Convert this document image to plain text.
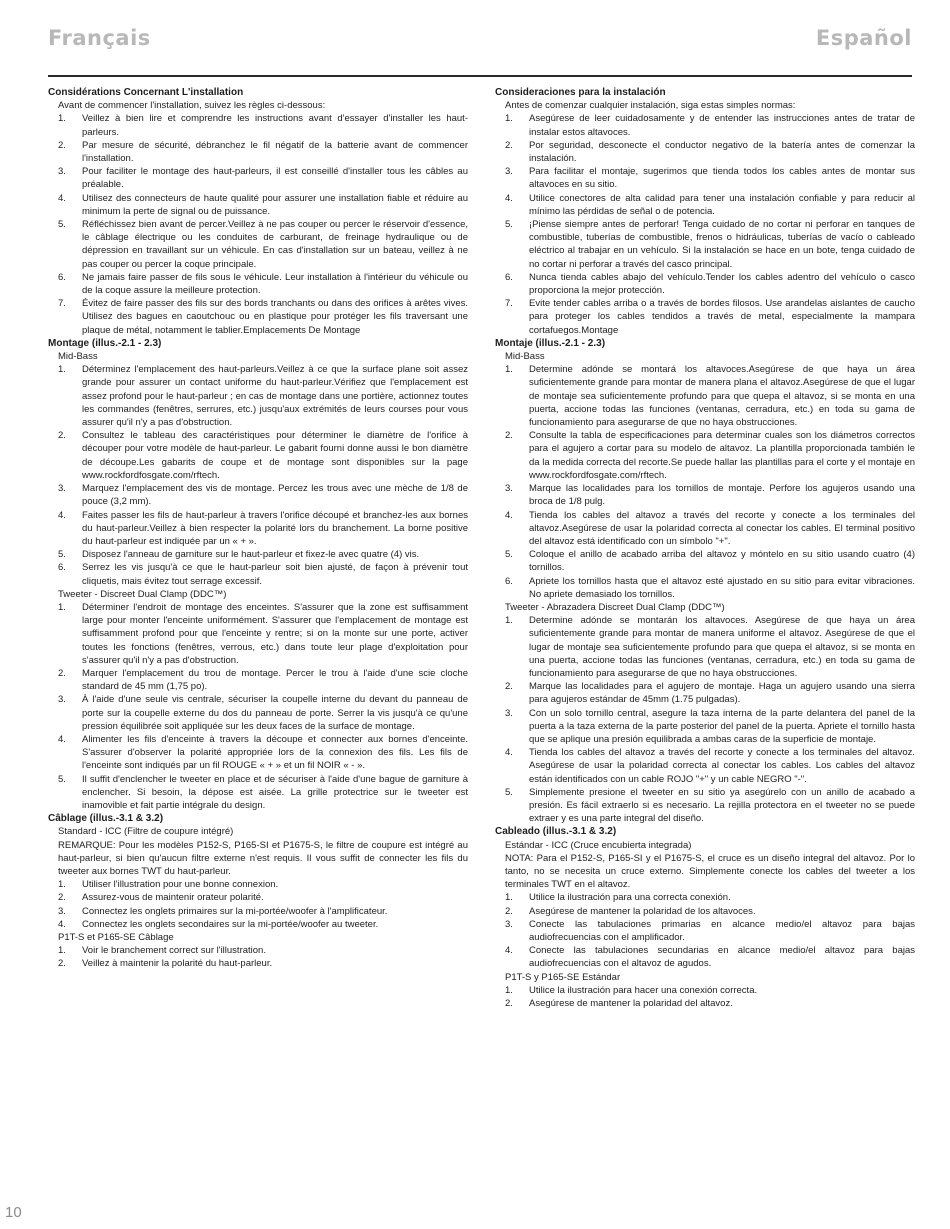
Français	Español
Considérations Concernant L'installation
Avant de commencer l'installation, suivez les règles ci-dessous:
1. Veillez à bien lire et comprendre les instructions avant d'essayer d'installer les haut-parleurs.
2. Par mesure de sécurité, débranchez le fil négatif de la batterie avant de commencer l'installation.
3. Pour faciliter le montage des haut-parleurs, il est conseillé d'installer tous les câbles au préalable.
4. Utilisez des connecteurs de haute qualité pour assurer une installation fiable et réduire au minimum la perte de signal ou de puissance.
5. Réfléchissez bien avant de percer.Veillez à ne pas couper ou percer le réservoir d'essence, le câblage électrique ou les conduites de carburant, de freinage hydraulique ou de dépression en travaillant sur un véhicule. En cas d'installation sur un bateau, veillez à ne pas couper ou percer la coque principale.
6. Ne jamais faire passer de fils sous le véhicule. Leur installation à l'intérieur du véhicule ou de la coque assure la meilleure protection.
7. Évitez de faire passer des fils sur des bords tranchants ou dans des orifices à arêtes vives. Utilisez des bagues en caoutchouc ou en plastique pour protéger les fils traversant une plaque de métal, notamment le tablier.Emplacements De Montage
Montage (illus.-2.1 - 2.3)
Mid-Bass
1. Déterminez l'emplacement des haut-parleurs.Veillez à ce que la surface plane soit assez grande pour assurer un contact uniforme du haut-parleur.Vérifiez que l'emplacement est assez profond pour le haut-parleur ; en cas de montage dans une portière, actionnez toutes les commandes (fenêtres, serrures, etc.) jusqu'aux extrémités de leurs courses pour vous assurer qu'il n'y a pas d'obstruction.
2. Consultez le tableau des caractéristiques pour déterminer le diamètre de l'orifice à découper pour votre modèle de haut-parleur. Le gabarit fourni donne aussi le bon diamètre de découpe.Les gabarits de coupe et de montage sont disponibles sur la page www.rockfordfosgate.com/rftech.
3. Marquez l'emplacement des vis de montage. Percez les trous avec une mèche de 1/8 de pouce (3,2 mm).
4. Faites passer les fils de haut-parleur à travers l'orifice découpé et branchez-les aux bornes du haut-parleur.Veillez à bien respecter la polarité lors du branchement. La borne positive du haut-parleur est indiquée par un « + ».
5. Disposez l'anneau de garniture sur le haut-parleur et fixez-le avec quatre (4) vis.
6. Serrez les vis jusqu'à ce que le haut-parleur soit bien ajusté, de façon à prévenir tout cliquetis, mais évitez tout serrage excessif.
Tweeter - Discreet Dual Clamp (DDC™)
1. Déterminer l'endroit de montage des enceintes. S'assurer que la zone est suffisamment large pour monter l'enceinte uniformément. S'assurer que l'emplacement de montage est suffisamment profond pour que l'enceinte y rentre; si on la monte sur une porte, activer toutes les fonctions (fenêtres, verrous, etc.) dans toute leur plage d'exploitation pour s'assurer qu'il n'y a pas d'obstruction.
2. Marquer l'emplacement du trou de montage. Percer le trou à l'aide d'une scie cloche standard de 45 mm (1,75 po).
3. À l'aide d'une seule vis centrale, sécuriser la coupelle interne du devant du panneau de porte sur la coupelle externe du dos du panneau de porte. Serrer la vis jusqu'à ce qu'une pression équilibrée soit appliquée sur les deux faces de la surface de montage.
4. Alimenter les fils d'enceinte à travers la découpe et connecter aux bornes d'enceinte. S'assurer d'observer la polarité appropriée lors de la connexion des fils. Les fils de l'enceinte sont indiqués par un fil ROUGE « + » et un fil NOIR « - ».
5. Il suffit d'enclencher le tweeter en place et de sécuriser à l'aide d'une bague de garniture à enclencher. Si besoin, la dépose est aisée. La grille protectrice sur le tweeter est inamovible et fait partie intégrale du design.
Câblage (illus.-3.1 & 3.2)
Standard - ICC (Filtre de coupure intégré)
REMARQUE: Pour les modèles P152-S, P165-SI et P1675-S, le filtre de coupure est intégré au haut-parleur, si bien qu'aucun filtre externe n'est requis. Il vous suffit de connecter les fils du tweeter aux bornes TWT du haut-parleur.
1. Utiliser l'illustration pour une bonne connexion.
2. Assurez-vous de maintenir orateur polarité.
3. Connectez les onglets primaires sur la mi-portée/woofer à l'amplificateur.
4. Connectez les onglets secondaires sur la mi-portée/woofer au tweeter.
P1T-S et P165-SE Câblage
1. Voir le branchement correct sur l'illustration.
2. Veillez à maintenir la polarité du haut-parleur.
Consideraciones para la instalación
Antes de comenzar cualquier instalación, siga estas simples normas:
1. Asegúrese de leer cuidadosamente y de entender las instrucciones antes de tratar de instalar estos altavoces.
2. Por seguridad, desconecte el conductor negativo de la batería antes de comenzar la instalación.
3. Para facilitar el montaje, sugerimos que tienda todos los cables antes de montar sus altavoces en su sitio.
4. Utilice conectores de alta calidad para tener una instalación confiable y para reducir al mínimo las pérdidas de señal o de potencia.
5. ¡Piense siempre antes de perforar! Tenga cuidado de no cortar ni perforar en tanques de combustible, tuberías de combustible, frenos o hidráulicas, tuberías de vacío o cableado eléctrico al trabajar en un vehículo. Si la instalación se hace en un bote, tenga cuidado de no cortar ni perforar a través del casco principal.
6. Nunca tienda cables abajo del vehículo.Tender los cables adentro del vehículo o casco proporciona la mejor protección.
7. Evite tender cables arriba o a través de bordes filosos. Use arandelas aislantes de caucho para proteger los cables tendidos a través de metal, especialmente la mampara cortafuegos.Montage
Montaje (illus.-2.1 - 2.3)
Mid-Bass
1. Determine adónde se montará los altavoces.Asegúrese de que haya un área suficientemente grande para montar de manera plana el altavoz.Asegúrese de que el lugar de montaje sea suficientemente profundo para que quepa el altavoz, si se monta en una puerta, accione todas las funciones (ventanas, cerradura, etc.) en toda su gama de funcionamiento para asegurarse de que no haya obstrucciones.
2. Consulte la tabla de especificaciones para determinar cuales son los diámetros correctos para el agujero a cortar para su modelo de altavoz. La plantilla proporcionada también le da la medida correcta del recorte.Se puede hallar las plantillas para el corte y el montaje en www.rockfordfosgate.com/rftech.
3. Marque las localidades para los tornillos de montaje. Perfore los agujeros usando una broca de 1/8 pulg.
4. Tienda los cables del altavoz a través del recorte y conecte a los terminales del altavoz.Asegúrese de usar la polaridad correcta al conectar los cables. El terminal positivo del altavoz está identificado con un símbolo "+".
5. Coloque el anillo de acabado arriba del altavoz y móntelo en su sitio usando cuatro (4) tornillos.
6. Apriete los tornillos hasta que el altavoz esté ajustado en su sitio para evitar vibraciones. No apriete demasiado los tornillos.
Tweeter - Abrazadera Discreet Dual Clamp (DDC™)
1. Determine adónde se montarán los altavoces. Asegúrese de que haya un área suficientemente grande para montar de manera uniforme el altavoz. Asegúrese de que el lugar de montaje sea suficientemente profundo para que quepa el altavoz, si se monta en una puerta, accione todas las funciones (ventanas, cerradura, etc.) en toda su gama de funcionamiento para asegurarse de que no haya obstrucciones.
2. Marque las localidades para el agujero de montaje. Haga un agujero usando una sierra para agujeros estándar de 45mm (1.75 pulgadas).
3. Con un solo tornillo central, asegure la taza interna de la parte delantera del panel de la puerta a la taza externa de la parte posterior del panel de la puerta. Apriete el tornillo hasta que se aplique una presión equilibrada a ambas caras de la superficie de montaje.
4. Tienda los cables del altavoz a través del recorte y conecte a los terminales del altavoz. Asegúrese de usar la polaridad correcta al conectar los cables. Los cables del altavoz están identificados con un cable ROJO "+" y un cable NEGRO "-".
5. Simplemente presione el tweeter en su sitio ya asegúrelo con un anillo de acabado a presión. Es fácil extraerlo si es necesario. La rejilla protectora en el tweeter no se puede extraer y es una parte integral del diseño.
Cableado (illus.-3.1 & 3.2)
Estándar - ICC (Cruce encubierta integrada)
NOTA: Para el P152-S, P165-SI y el P1675-S, el cruce es un diseño integral del altavoz. Por lo tanto, no se necesita un cruce externo. Simplemente conecte los cables del tweeter a los terminales TWT en el altavoz.
1. Utilice la ilustración para una correcta conexión.
2. Asegúrese de mantener la polaridad de los altavoces.
3. Conecte las tabulaciones primarias en alcance medio/el altavoz para bajas audiofrecuencias con el amplificador.
4. Conecte las tabulaciones secundarias en alcance medio/el altavoz para bajas audiofrecuencias con el altavoz de agudos.
P1T-S y P165-SE Estándar
1. Utilice la ilustración para hacer una conexión correcta.
2. Asegúrese de mantener la polaridad del altavoz.
10
